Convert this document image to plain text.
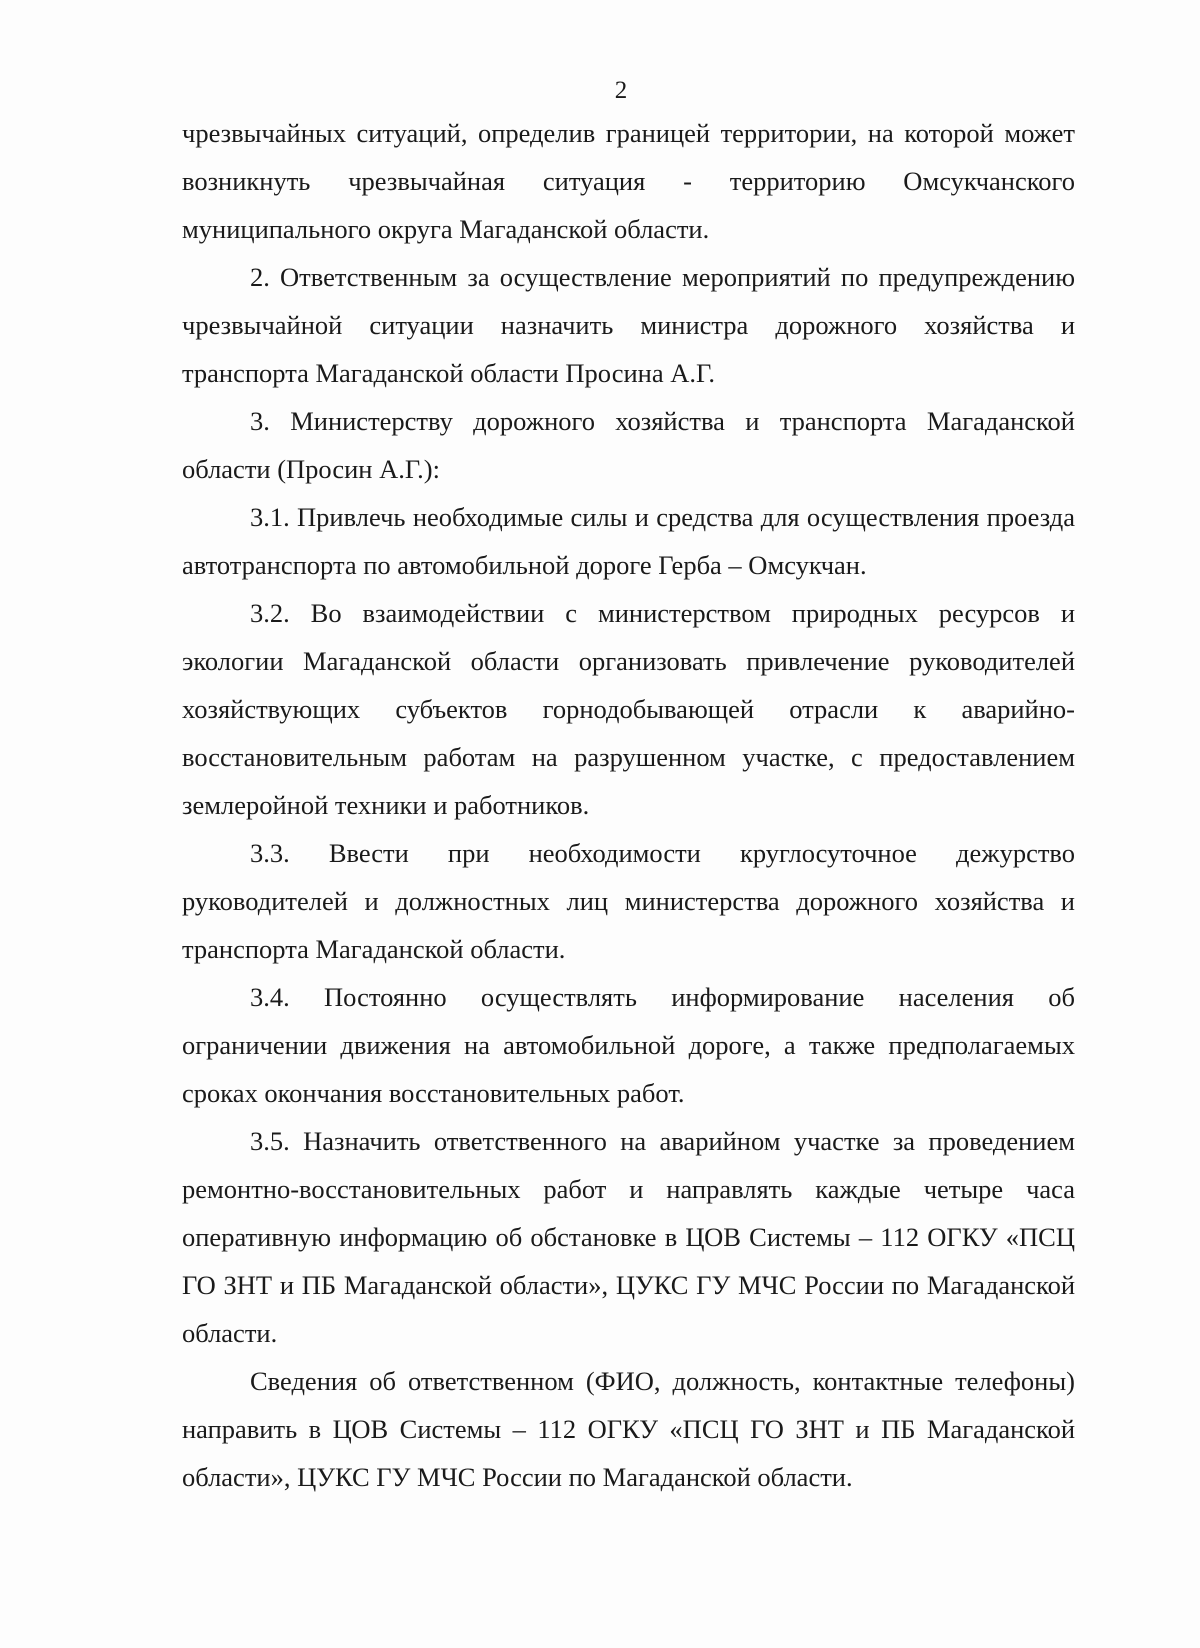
2

чрезвычайных ситуаций, определив границей территории, на которой может возникнуть чрезвычайная ситуация - территорию Омсукчанского муниципального округа Магаданской области.

2. Ответственным за осуществление мероприятий по предупреждению чрезвычайной ситуации назначить министра дорожного хозяйства и транспорта Магаданской области Просина А.Г.

3. Министерству дорожного хозяйства и транспорта Магаданской области (Просин А.Г.):

3.1. Привлечь необходимые силы и средства для осуществления проезда автотранспорта по автомобильной дороге Герба – Омсукчан.

3.2. Во взаимодействии с министерством природных ресурсов и экологии Магаданской области организовать привлечение руководителей хозяйствующих субъектов горнодобывающей отрасли к аварийно-восстановительным работам на разрушенном участке, с предоставлением землеройной техники и работников.

3.3. Ввести при необходимости круглосуточное дежурство руководителей и должностных лиц министерства дорожного хозяйства и транспорта Магаданской области.

3.4. Постоянно осуществлять информирование населения об ограничении движения на автомобильной дороге, а также предполагаемых сроках окончания восстановительных работ.

3.5. Назначить ответственного на аварийном участке за проведением ремонтно-восстановительных работ и направлять каждые четыре часа оперативную информацию об обстановке в ЦОВ Системы – 112 ОГКУ «ПСЦ ГО ЗНТ и ПБ Магаданской области», ЦУКС ГУ МЧС России по Магаданской области.

Сведения об ответственном (ФИО, должность, контактные телефоны) направить в ЦОВ Системы – 112 ОГКУ «ПСЦ ГО ЗНТ и ПБ Магаданской области», ЦУКС ГУ МЧС России по Магаданской области.
